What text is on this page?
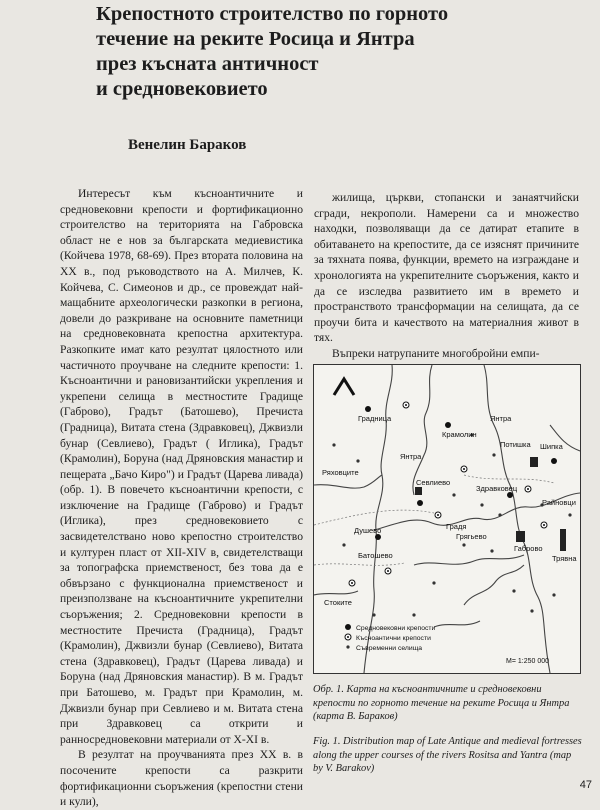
Крепостното строителство по горното
течение на реките Росица и Янтра
през късната античност
и средновековието

Венелин Бараков

Интересът към късноантичните и средновековни крепости и фортификационно строителство на територията на Габровска област не е нов за българската медиевистика (Койчева 1978, 68-69). През втората половина на XX в., под ръководството на А. Милчев, К. Койчева, С. Симеонов и др., се провеждат най-мащабните археологически разкопки в региона, довели до разкриване на основните паметници на средновековната крепостна архитектура. Разкопките имат като резултат цялостното или частичното проучване на следните крепости: 1. Късноантични и рановизантийски укрепления и укрепени селища в местностите Градище (Габрово), Градът (Батошево), Пречиста (Градница), Витата стена (Здравковец), Джвизли бунар (Севлиево), Градът ( Иглика), Градът (Крамолин), Боруна (над Дряновския манастир и пещерата „Бачо Киро") и Градът (Царева ливада) (обр. 1). В повечето късноантични крепости, с изключение на Градище (Габрово) и Градът (Иглика), през средновековието с засвидетелствано ново крепостно строителство и културен пласт от XII-XIV в, свидетелстващи за топографска приемственост, без това да е обвързано с функционална приемственост и преизползване на късноантичните укрепителни съоръжения; 2. Средновековни крепости в местностите Пречиста (Градница), Градът (Крамолин), Джвизли бунар (Севлиево), Витата стена (Здравковец), Градът (Царева ливада) и Боруна (над Дряновския манастир). В м. Градът при Батошево, м. Градът при Крамолин, м. Джвизли бунар при Севлиево и м. Витата стена при Здравковец са открити и ранносредновековни материали от X-XI в.

В резултат на проучванията през XX в. в посочените крепости са разкрити фортификационни съоръжения (крепостни стени и кули),

жилища, църкви, стопански и занаятчийски сгради, некрополи. Намерени са и множество находки, позволяващи да се датират етапите в обитаването на крепостите, да се изяснят причините за тяхната поява, функции, времето на изграждане и хронологията на укрепителните съоръжения, както и да се изследва развитието им в времето и пространството трансформации на селищата, да се проучи бита и качеството на материалния живот в тях.

Въпреки натрупаните многобройни емпи-

Градница
Крамолин
Ряховците
Севлиево
Янтра
Душево
Батошево
Стоките
Потишка Шипка
Здравковец
Градя
Грягьево
Габрово
Трявна
Райновци
Янтра
Средновековни крепости
Късноантични крепости
Съвременни селища
М= 1:250 000

Обр. 1. Карта на късноантичните и средновековни крепости по горното течение на реките Росица и Янтра (карта В. Бараков)

Fig. 1. Distribution map of Late Antique and medieval fortresses along the upper courses of the rivers Rositsa and Yantra (map by V. Barakov)

47
